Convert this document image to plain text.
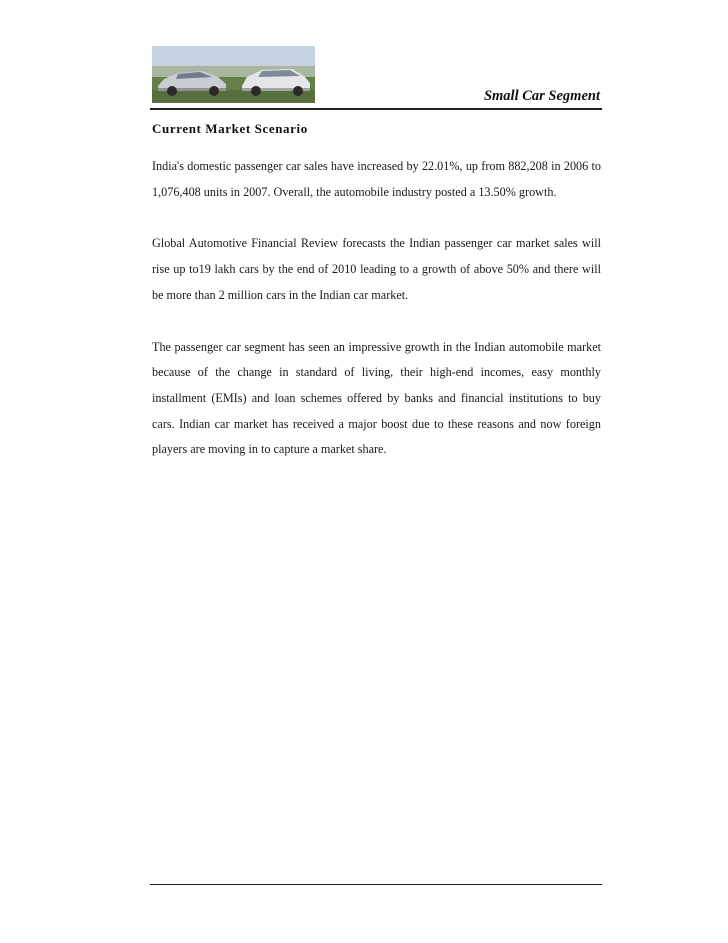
Small Car Segment
Current Market Scenario

India's domestic passenger car sales have increased by 22.01%, up from 882,208 in 2006 to 1,076,408 units in 2007. Overall, the automobile industry posted a 13.50% growth.

Global Automotive Financial Review forecasts the Indian passenger car market sales will rise up to19 lakh cars by the end of 2010 leading to a growth of above 50% and there will be more than 2 million cars in the Indian car market.

The passenger car segment has seen an impressive growth in the Indian automobile market because of the change in standard of living, their high-end incomes, easy monthly installment (EMIs) and loan schemes offered by banks and financial institutions to buy cars. Indian car market has received a major boost due to these reasons and now foreign players are moving in to capture a market share.
